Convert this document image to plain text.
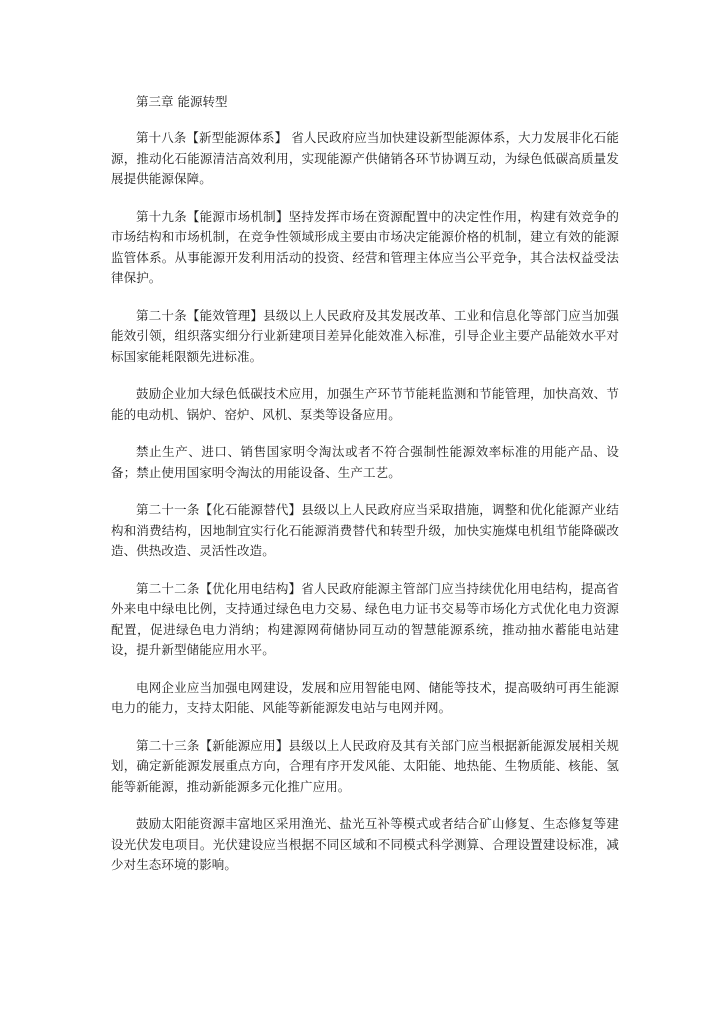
第三章 能源转型

第十八条【新型能源体系】 省人民政府应当加快建设新型能源体系，大力发展非化石能源，推动化石能源清洁高效利用，实现能源产供储销各环节协调互动，为绿色低碳高质量发展提供能源保障。

第十九条【能源市场机制】坚持发挥市场在资源配置中的决定性作用，构建有效竞争的市场结构和市场机制，在竞争性领域形成主要由市场决定能源价格的机制，建立有效的能源监管体系。从事能源开发利用活动的投资、经营和管理主体应当公平竞争，其合法权益受法律保护。

第二十条【能效管理】县级以上人民政府及其发展改革、工业和信息化等部门应当加强能效引领，组织落实细分行业新建项目差异化能效准入标准，引导企业主要产品能效水平对标国家能耗限额先进标准。

鼓励企业加大绿色低碳技术应用，加强生产环节节能耗监测和节能管理，加快高效、节能的电动机、锅炉、窑炉、风机、泵类等设备应用。

禁止生产、进口、销售国家明令淘汰或者不符合强制性能源效率标准的用能产品、设备；禁止使用国家明令淘汰的用能设备、生产工艺。

第二十一条【化石能源替代】县级以上人民政府应当采取措施，调整和优化能源产业结构和消费结构，因地制宜实行化石能源消费替代和转型升级，加快实施煤电机组节能降碳改造、供热改造、灵活性改造。

第二十二条【优化用电结构】省人民政府能源主管部门应当持续优化用电结构，提高省外来电中绿电比例，支持通过绿色电力交易、绿色电力证书交易等市场化方式优化电力资源配置，促进绿色电力消纳；构建源网荷储协同互动的智慧能源系统，推动抽水蓄能电站建设，提升新型储能应用水平。

电网企业应当加强电网建设，发展和应用智能电网、储能等技术，提高吸纳可再生能源电力的能力，支持太阳能、风能等新能源发电站与电网并网。

第二十三条【新能源应用】县级以上人民政府及其有关部门应当根据新能源发展相关规划，确定新能源发展重点方向，合理有序开发风能、太阳能、地热能、生物质能、核能、氢能等新能源，推动新能源多元化推广应用。

鼓励太阳能资源丰富地区采用渔光、盐光互补等模式或者结合矿山修复、生态修复等建设光伏发电项目。光伏建设应当根据不同区域和不同模式科学测算、合理设置建设标准，减少对生态环境的影响。
